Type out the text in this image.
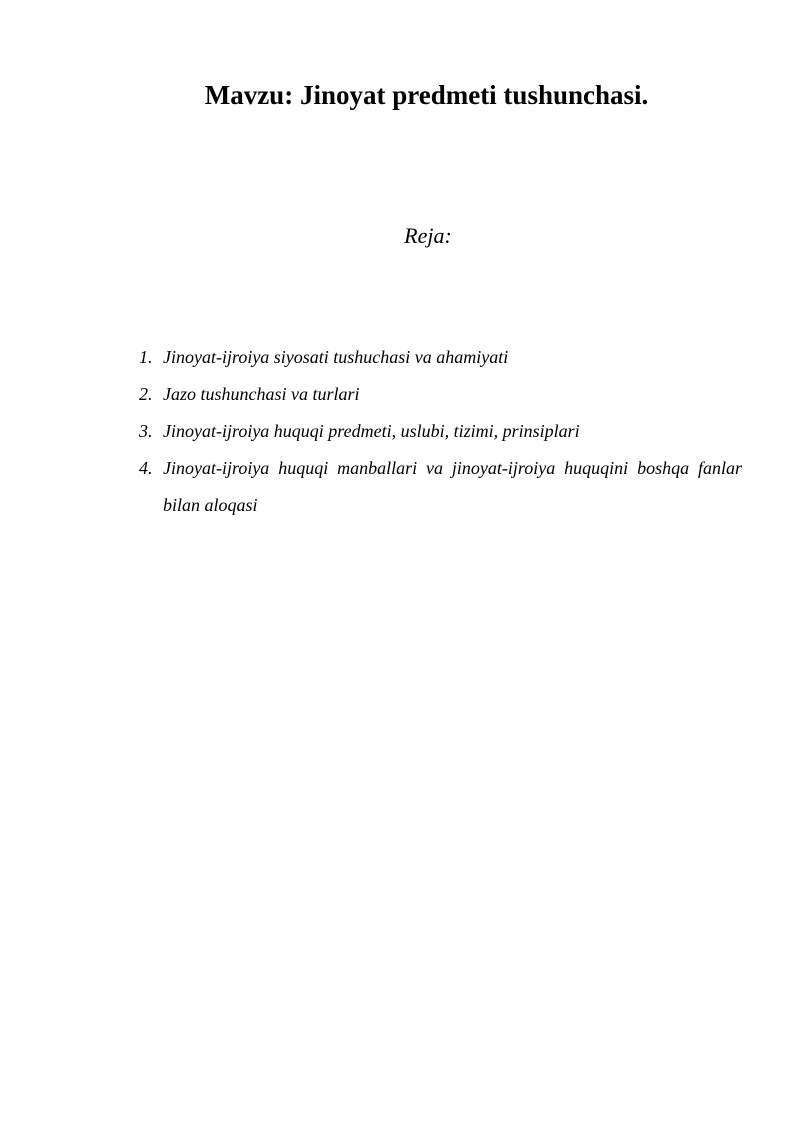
Mavzu: Jinoyat predmeti tushunchasi.

Reja:

1. Jinoyat-ijroiya siyosati tushuchasi va ahamiyati
2. Jazo tushunchasi va turlari
3. Jinoyat-ijroiya huquqi predmeti, uslubi, tizimi, prinsiplari
4. Jinoyat-ijroiya huquqi manballari va jinoyat-ijroiya huquqini boshqa fanlar bilan aloqasi
